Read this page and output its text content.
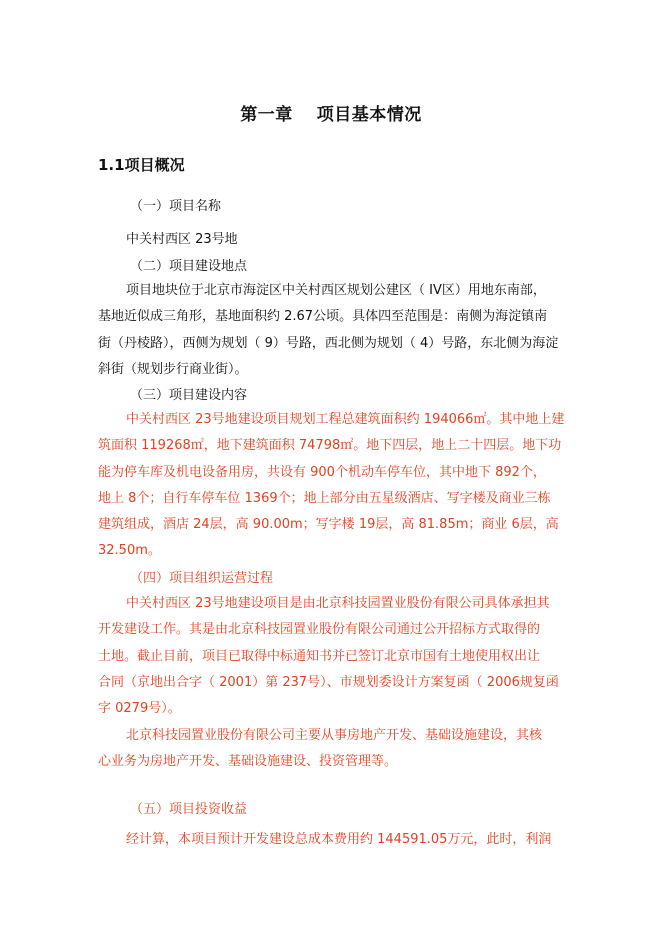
第一章　 项目基本情况
1.1项目概况
（一）项目名称
中关村西区 23号地
（二）项目建设地点

项目地块位于北京市海淀区中关村西区规划公建区（ IV区）用地东南部，

基地近似成三角形，基地面积约 2.67公顷。具体四至范围是：南侧为海淀镇南

街（丹棱路），西侧为规划（ 9）号路，西北侧为规划（ 4）号路，东北侧为海淀

斜街（规划步行商业街）。

（三）项目建设内容

中关村西区 23号地建设项目规划工程总建筑面积约 194066㎡。其中地上建

筑面积 119268㎡，地下建筑面积 74798㎡。地下四层，地上二十四层。地下功

能为停车库及机电设备用房，共设有 900个机动车停车位，其中地下 892个，

地上 8个；自行车停车位 1369个；地上部分由五星级酒店、写字楼及商业三栋

建筑组成，酒店 24层，高 90.00m；写字楼 19层，高 81.85m；商业 6层，高

32.50m。

（四）项目组织运营过程

中关村西区 23号地建设项目是由北京科技园置业股份有限公司具体承担其

开发建设工作。其是由北京科技园置业股份有限公司通过公开招标方式取得的

土地。截止目前，项目已取得中标通知书并已签订北京市国有土地使用权出让

合同（京地出合字（ 2001）第 237号）、市规划委设计方案复函（ 2006规复函

字 0279号）。

北京科技园置业股份有限公司主要从事房地产开发、基础设施建设，其核

心业务为房地产开发、基础设施建设、投资管理等。

（五）项目投资收益
经计算，本项目预计开发建设总成本费用约 144591.05万元，此时，利润
